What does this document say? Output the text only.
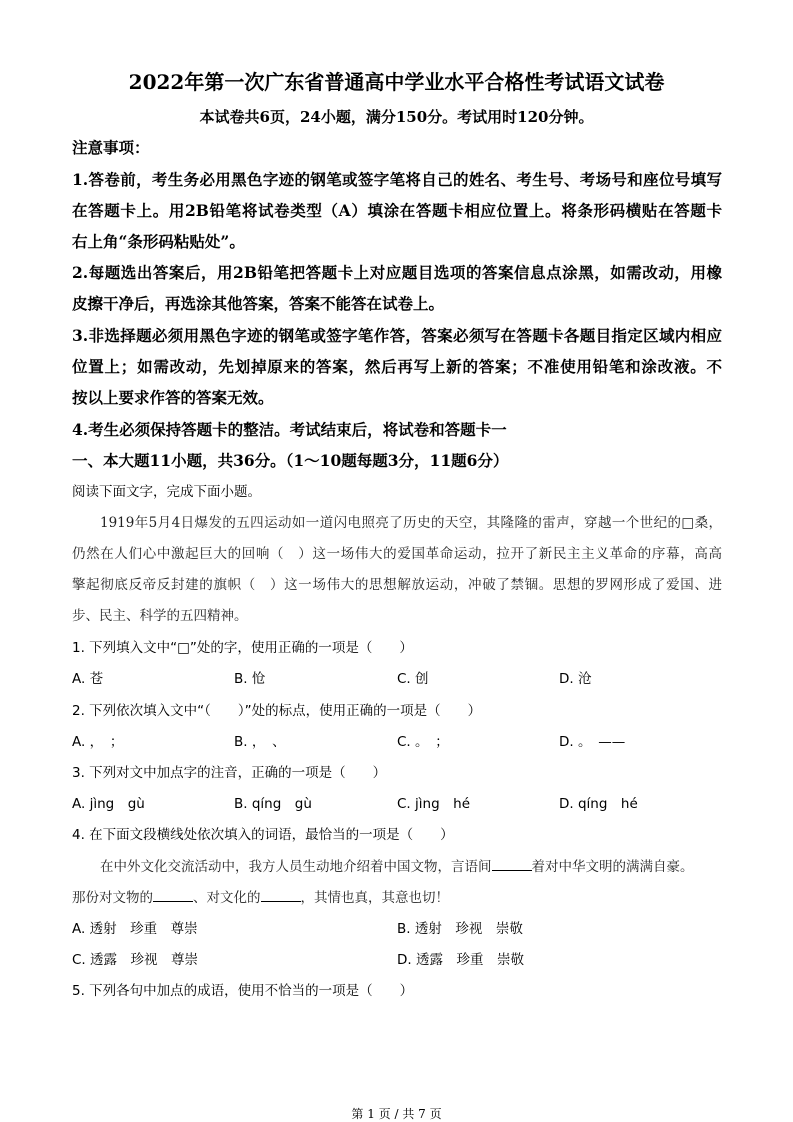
2022年第一次广东省普通高中学业水平合格性考试语文试卷
本试卷共6页，24小题，满分150分。考试用时120分钟。
注意事项：
1.答卷前，考生务必用黑色字迹的钢笔或签字笔将自己的姓名、考生号、考场号和座位号填写
在答题卡上。用2B铅笔将试卷类型（A）填涂在答题卡相应位置上。将条形码横贴在答题卡
右上角“条形码粘贴处”。
2.每题选出答案后，用2B铅笔把答题卡上对应题目选项的答案信息点涂黑，如需改动，用橡
皮擦干净后，再选涂其他答案，答案不能答在试卷上。
3.非选择题必须用黑色字迹的钢笔或签字笔作答，答案必须写在答题卡各题目指定区域内相应
位置上；如需改动，先划掉原来的答案，然后再写上新的答案；不准使用铅笔和涂改液。不
按以上要求作答的答案无效。
4.考生必须保持答题卡的整洁。考试结束后，将试卷和答题卡一
一、本大题11小题，共36分。（1～10题每题3分，11题6分）
阅读下面文字，完成下面小题。
1919年5月4日爆发的五四运动如一道闪电照亮了历史的天空，其隆隆的雷声，穿越一个世纪的□桑，
仍然在人们心中激起巨大的回响（　）这一场伟大的爱国革命运动，拉开了新民主主义革命的序幕，高高
擎起彻底反帝反封建的旗帜（　）这一场伟大的思想解放运动，冲破了禁锢。思想的罗网形成了爱国、进
步、民主、科学的五四精神。
1. 下列填入文中“□”处的字，使用正确的一项是（　　）
A. 苍	B. 怆	C. 创	D. 沧
2. 下列依次填入文中“（　　）”处的标点，使用正确的一项是（　　）
A. ，　；	B. ，　、	C. 。　；	D. 。　——
3. 下列对文中加点字的注音，正确的一项是（　　）
A. jìng　gù	B. qíng　gù	C. jìng　hé	D. qíng　hé
4. 在下面文段横线处依次填入的词语，最恰当的一项是（　　）
在中外文化交流活动中，我方人员生动地介绍着中国文物，言语间	着对中华文明的满满自豪。
那份对文物的	、对文化的	，其情也真，其意也切！
A. 透射　珍重　尊崇	B. 透射　珍视　崇敬
C. 透露　珍视　尊崇	D. 透露　珍重　崇敬
5. 下列各句中加点的成语，使用不恰当的一项是（　　）
第 1 页 / 共 7 页
